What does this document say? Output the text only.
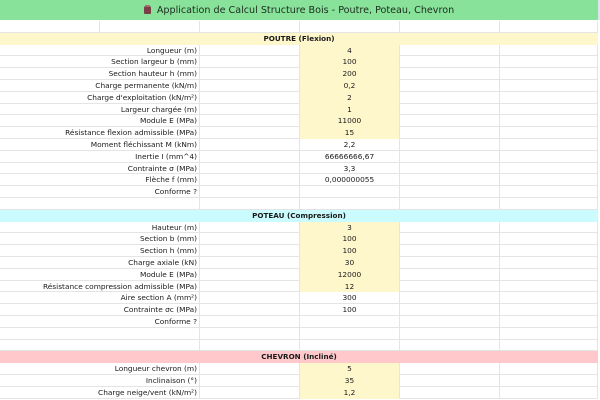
Application de Calcul Structure Bois - Poutre, Poteau, Chevron
POUTRE (Flexion)
Longueur (m)	4
Section largeur b (mm)	100
Section hauteur h (mm)	200
Charge permanente (kN/m)	0,2
Charge d'exploitation (kN/m²)	2
Largeur chargée (m)	1
Module E (MPa)	11000
Résistance flexion admissible (MPa)	15
Moment fléchissant M (kNm)	2,2
Inertie I (mm^4)	66666666,67
Contrainte σ (MPa)	3,3
Flèche f (mm)	0,000000055
Conforme ?
POTEAU (Compression)
Hauteur (m)	3
Section b (mm)	100
Section h (mm)	100
Charge axiale (kN)	30
Module E (MPa)	12000
Résistance compression admissible (MPa)	12
Aire section A (mm²)	300
Contrainte σc (MPa)	100
Conforme ?
CHEVRON (Incliné)
Longueur chevron (m)	5
Inclinaison (°)	35
Charge neige/vent (kN/m²)	1,2
